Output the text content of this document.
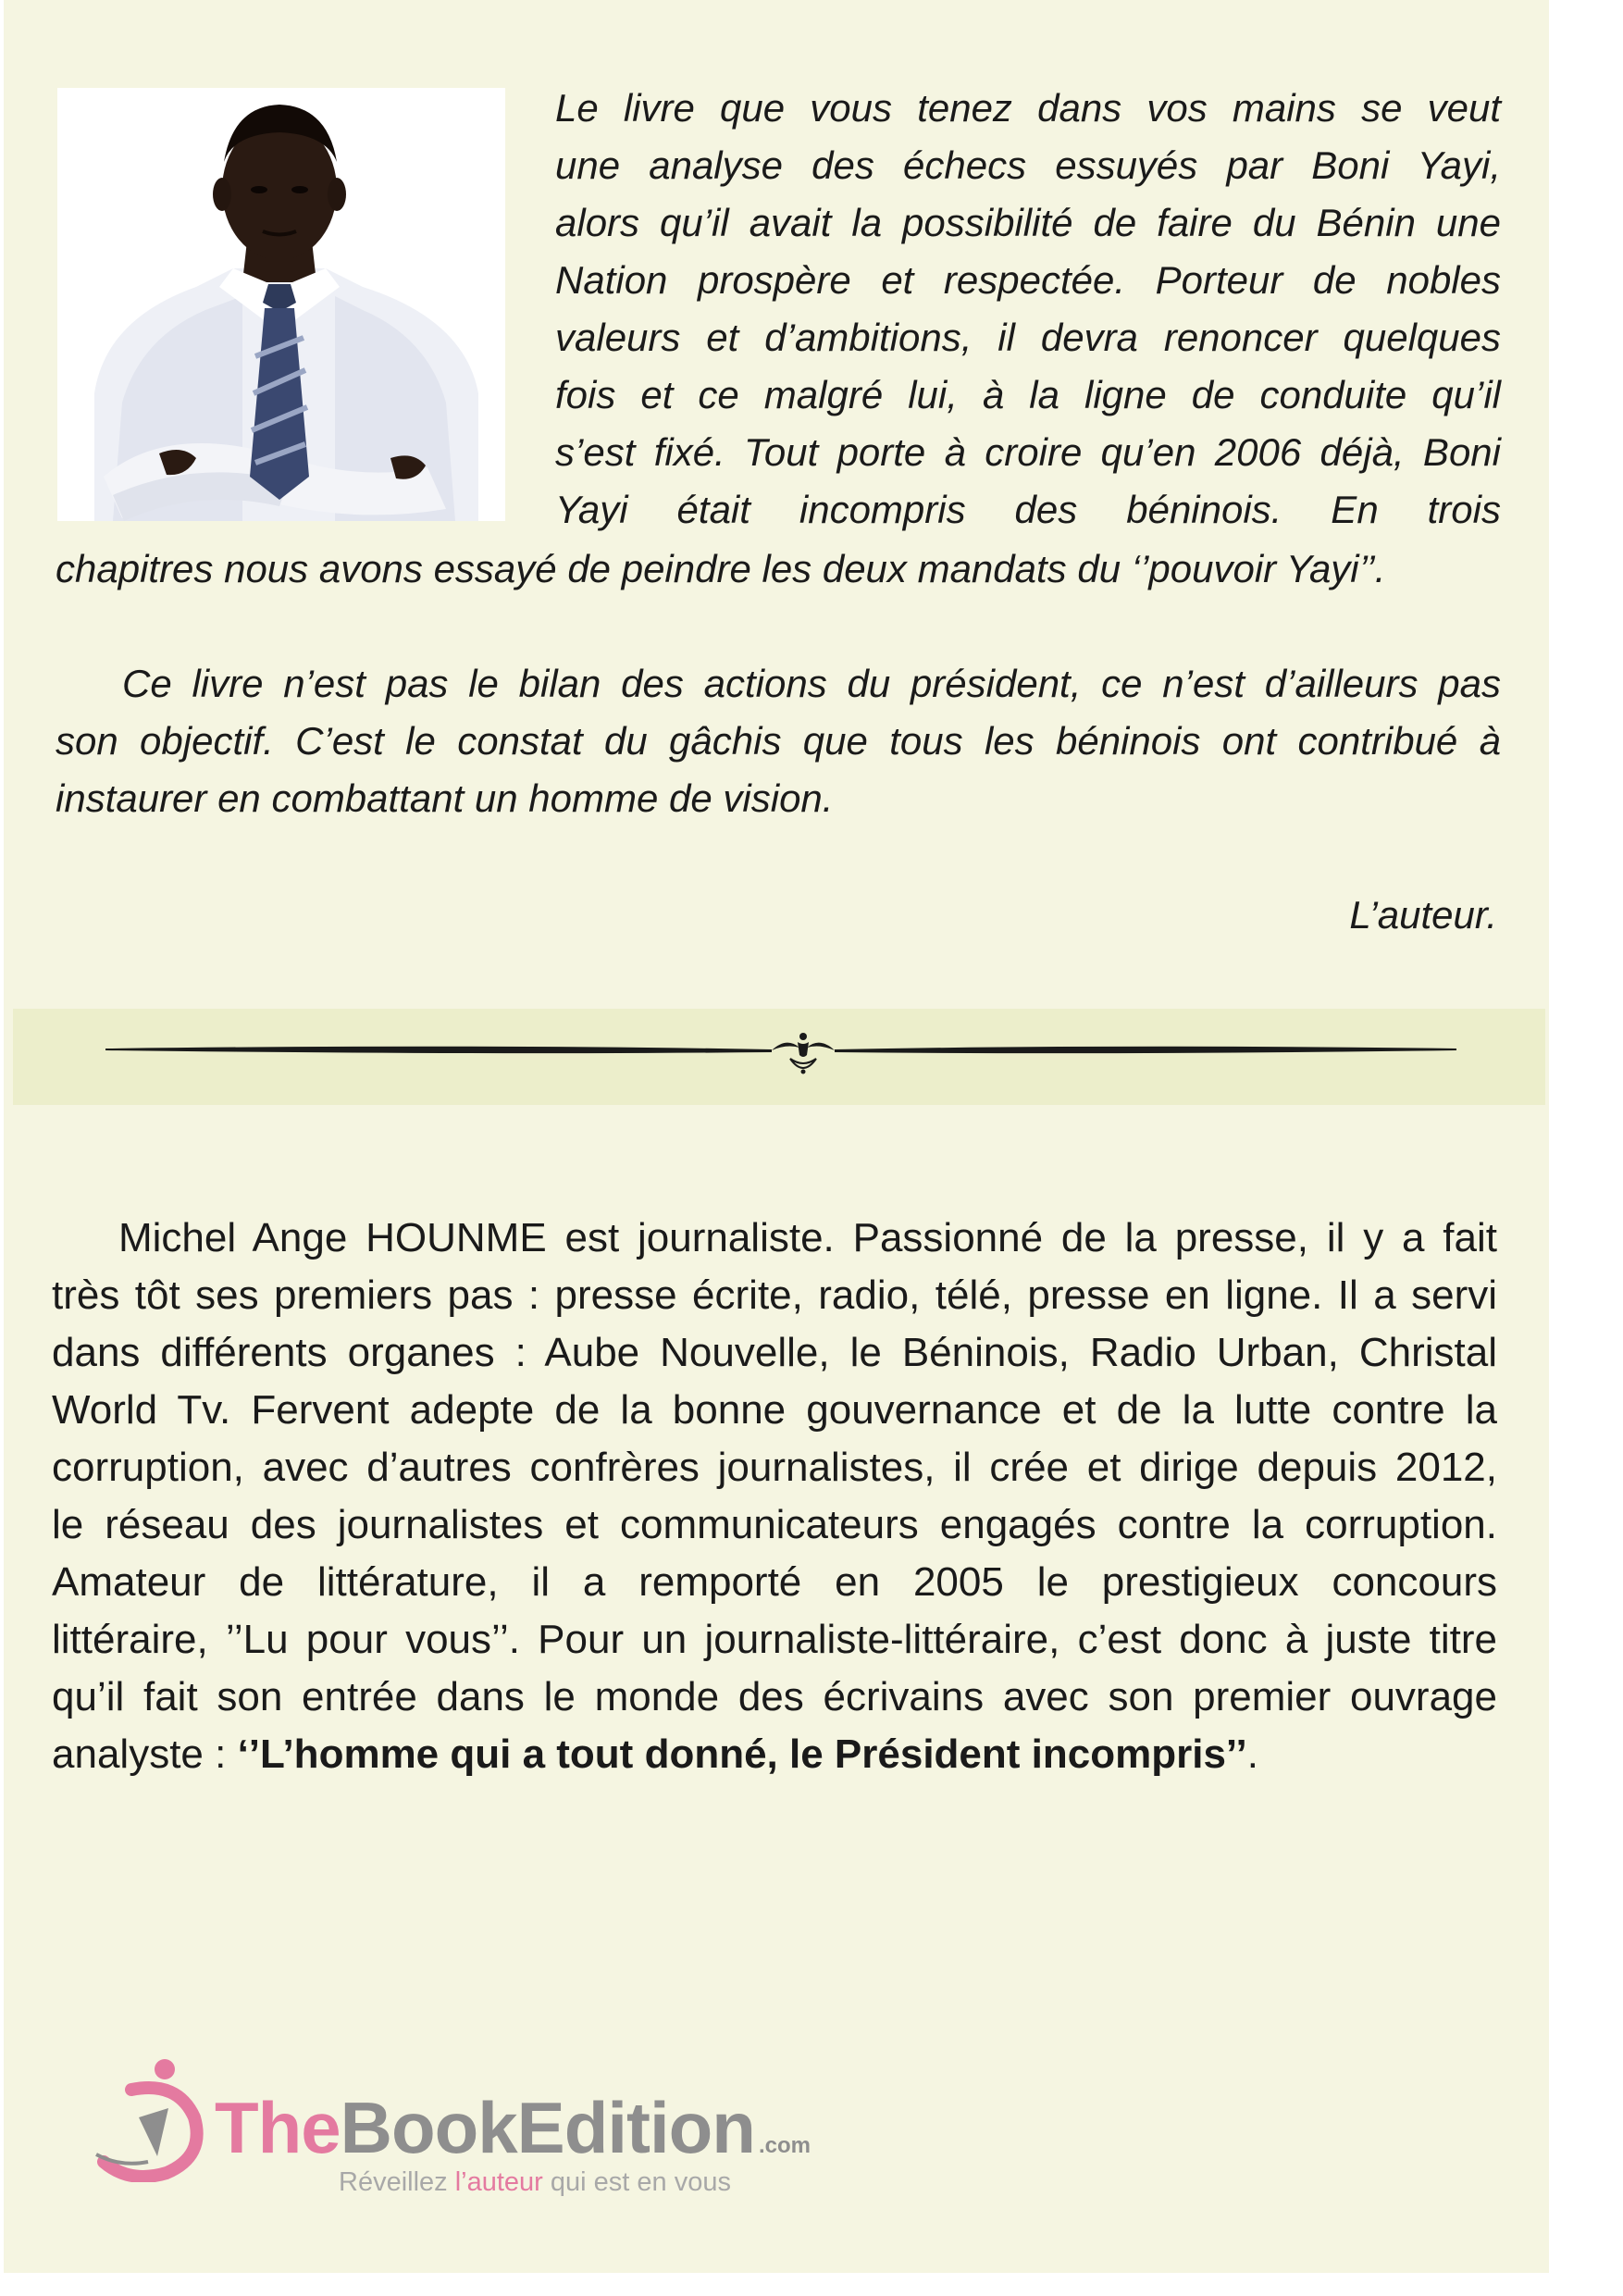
Le livre que vous tenez dans vos mains se veut
une analyse des échecs essuyés par Boni Yayi,
alors qu’il avait la possibilité de faire du Bénin une
Nation prospère et respectée. Porteur de nobles
valeurs et d’ambitions, il devra renoncer quelques
fois et ce malgré lui, à la ligne de conduite qu’il
s’est fixé. Tout porte à croire qu’en 2006 déjà, Boni
Yayi était incompris des béninois. En trois
chapitres nous avons essayé de peindre les deux mandats du ‘’pouvoir Yayi’’.
Ce livre n’est pas le bilan des actions du président, ce n’est d’ailleurs pas
son objectif. C’est le constat du gâchis que tous les béninois ont contribué à
instaurer en combattant un homme de vision.
L’auteur.
Michel Ange HOUNME est journaliste. Passionné de la presse, il y a fait
très tôt ses premiers pas : presse écrite, radio, télé, presse en ligne. Il a servi
dans différents organes : Aube Nouvelle, le Béninois, Radio Urban, Christal
World Tv. Fervent adepte de la bonne gouvernance et de la lutte contre la
corruption, avec d’autres confrères journalistes, il crée et dirige depuis 2012,
le réseau des journalistes et communicateurs engagés contre la corruption.
Amateur de littérature, il a remporté en 2005 le prestigieux concours
littéraire, ’’Lu pour vous’’. Pour un journaliste-littéraire, c’est donc à juste titre
qu’il fait son entrée dans le monde des écrivains avec son premier ouvrage
analyste : ‘’L’homme qui a tout donné, le Président incompris’’.
TheBookEdition .com
Réveillez l’auteur qui est en vous
